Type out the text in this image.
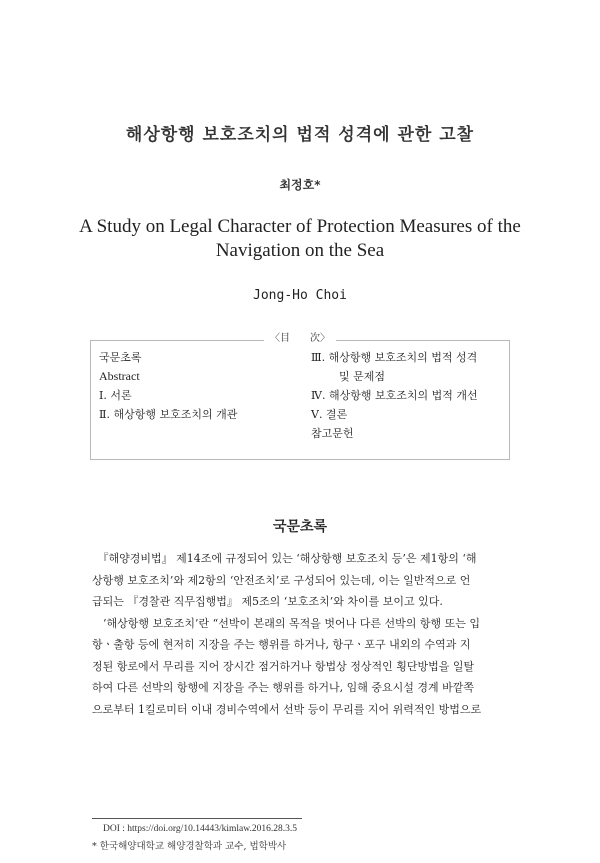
해상항행 보호조치의 법적 성격에 관한 고찰
최정호*
A Study on Legal Character of Protection Measures of the Navigation on the Sea
Jong-Ho Choi
〈目　　次〉
국문초록
Abstract
Ⅰ. 서론
Ⅱ. 해상항행 보호조치의 개관
Ⅲ. 해상항행 보호조치의 법적 성격
및 문제점
Ⅳ. 해상항행 보호조치의 법적 개선
Ⅴ. 결론
참고문헌
국문초록
　『해양경비법』 제14조에 규정되어 있는 ‘해상항행 보호조치 등’은 제1항의 ‘해
상항행 보호조치’와 제2항의 ‘안전조치’로 구성되어 있는데, 이는 일반적으로 언
급되는 『경찰관 직무집행법』 제5조의 ‘보호조치’와 차이를 보이고 있다.
　‘해상항행 보호조치’란 “선박이 본래의 목적을 벗어나 다른 선박의 항행 또는 입
항ㆍ출항 등에 현저히 지장을 주는 행위를 하거나, 항구ㆍ포구 내외의 수역과 지
정된 항로에서 무리를 지어 장시간 점거하거나 항법상 정상적인 횡단방법을 일탈
하여 다른 선박의 항행에 지장을 주는 행위를 하거나, 임해 중요시설 경계 바깥쪽
으로부터 1킬로미터 이내 경비수역에서 선박 등이 무리를 지어 위력적인 방법으로
DOI : https://doi.org/10.14443/kimlaw.2016.28.3.5
* 한국해양대학교 해양경찰학과 교수, 법학박사
